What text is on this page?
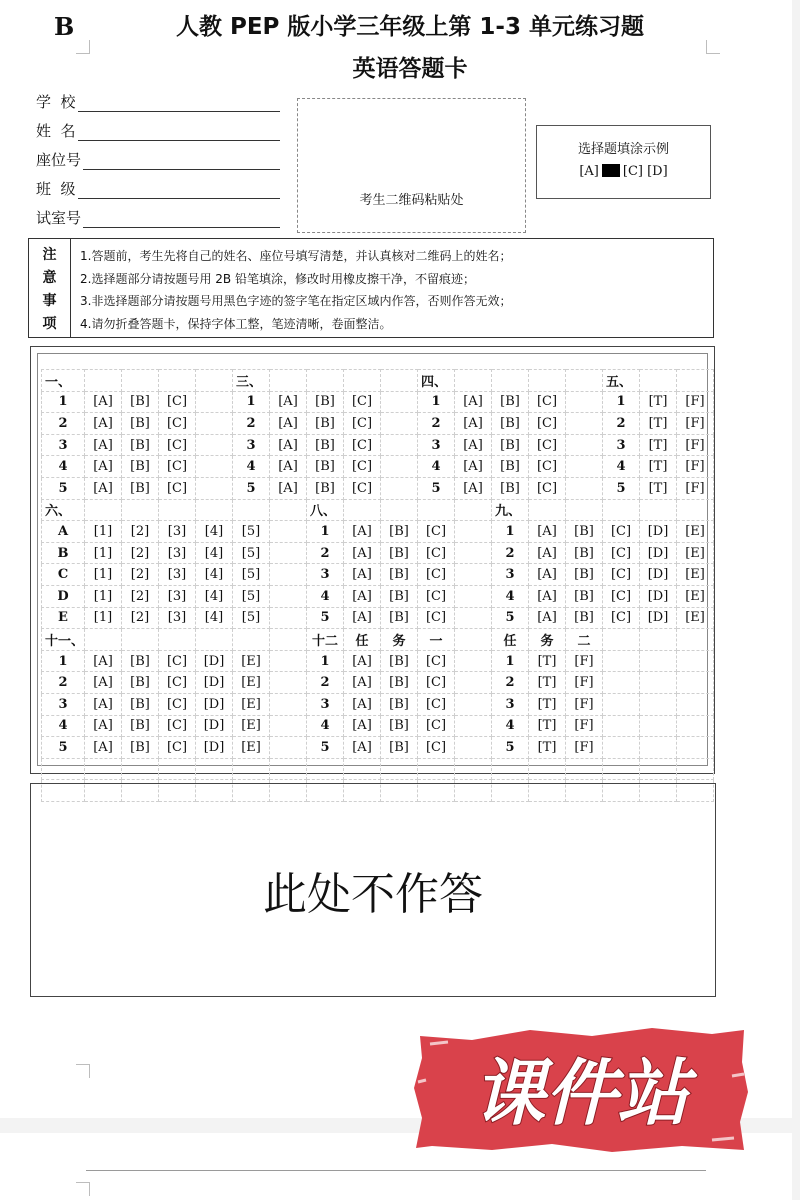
B	人教 PEP 版小学三年级上第 1-3 单元练习题
英语答题卡
学  校
姓  名
座位号
班  级
试室号
考生二维码粘贴处
选择题填涂示例
[A] [C] [D]
注
意
事
项
1.答题前，考生先将自己的姓名、座位号填写清楚，并认真核对二维码上的姓名；
2.选择题部分请按题号用 2B 铅笔填涂，修改时用橡皮擦干净，不留痕迹；
3.非选择题部分请按题号用黑色字迹的签字笔在指定区域内作答，否则作答无效；
4.请勿折叠答题卡，保持字体工整，笔迹清晰，卷面整洁。
一、					三、					四、					五、		
1	[A]	[B]	[C]		1	[A]	[B]	[C]		1	[A]	[B]	[C]		1	[T]	[F]
2	[A]	[B]	[C]		2	[A]	[B]	[C]		2	[A]	[B]	[C]		2	[T]	[F]
3	[A]	[B]	[C]		3	[A]	[B]	[C]		3	[A]	[B]	[C]		3	[T]	[F]
4	[A]	[B]	[C]		4	[A]	[B]	[C]		4	[A]	[B]	[C]		4	[T]	[F]
5	[A]	[B]	[C]		5	[A]	[B]	[C]		5	[A]	[B]	[C]		5	[T]	[F]
六、							八、					九、					
A	[1]	[2]	[3]	[4]	[5]		1	[A]	[B]	[C]		1	[A]	[B]	[C]	[D]	[E]
B	[1]	[2]	[3]	[4]	[5]		2	[A]	[B]	[C]		2	[A]	[B]	[C]	[D]	[E]
C	[1]	[2]	[3]	[4]	[5]		3	[A]	[B]	[C]		3	[A]	[B]	[C]	[D]	[E]
D	[1]	[2]	[3]	[4]	[5]		4	[A]	[B]	[C]		4	[A]	[B]	[C]	[D]	[E]
E	[1]	[2]	[3]	[4]	[5]		5	[A]	[B]	[C]		5	[A]	[B]	[C]	[D]	[E]
十一、							十二	任	务	一		任	务	二			
1	[A]	[B]	[C]	[D]	[E]		1	[A]	[B]	[C]		1	[T]	[F]			
2	[A]	[B]	[C]	[D]	[E]		2	[A]	[B]	[C]		2	[T]	[F]			
3	[A]	[B]	[C]	[D]	[E]		3	[A]	[B]	[C]		3	[T]	[F]			
4	[A]	[B]	[C]	[D]	[E]		4	[A]	[B]	[C]		4	[T]	[F]			
5	[A]	[B]	[C]	[D]	[E]		5	[A]	[B]	[C]		5	[T]	[F]			

此处不作答
课件站
